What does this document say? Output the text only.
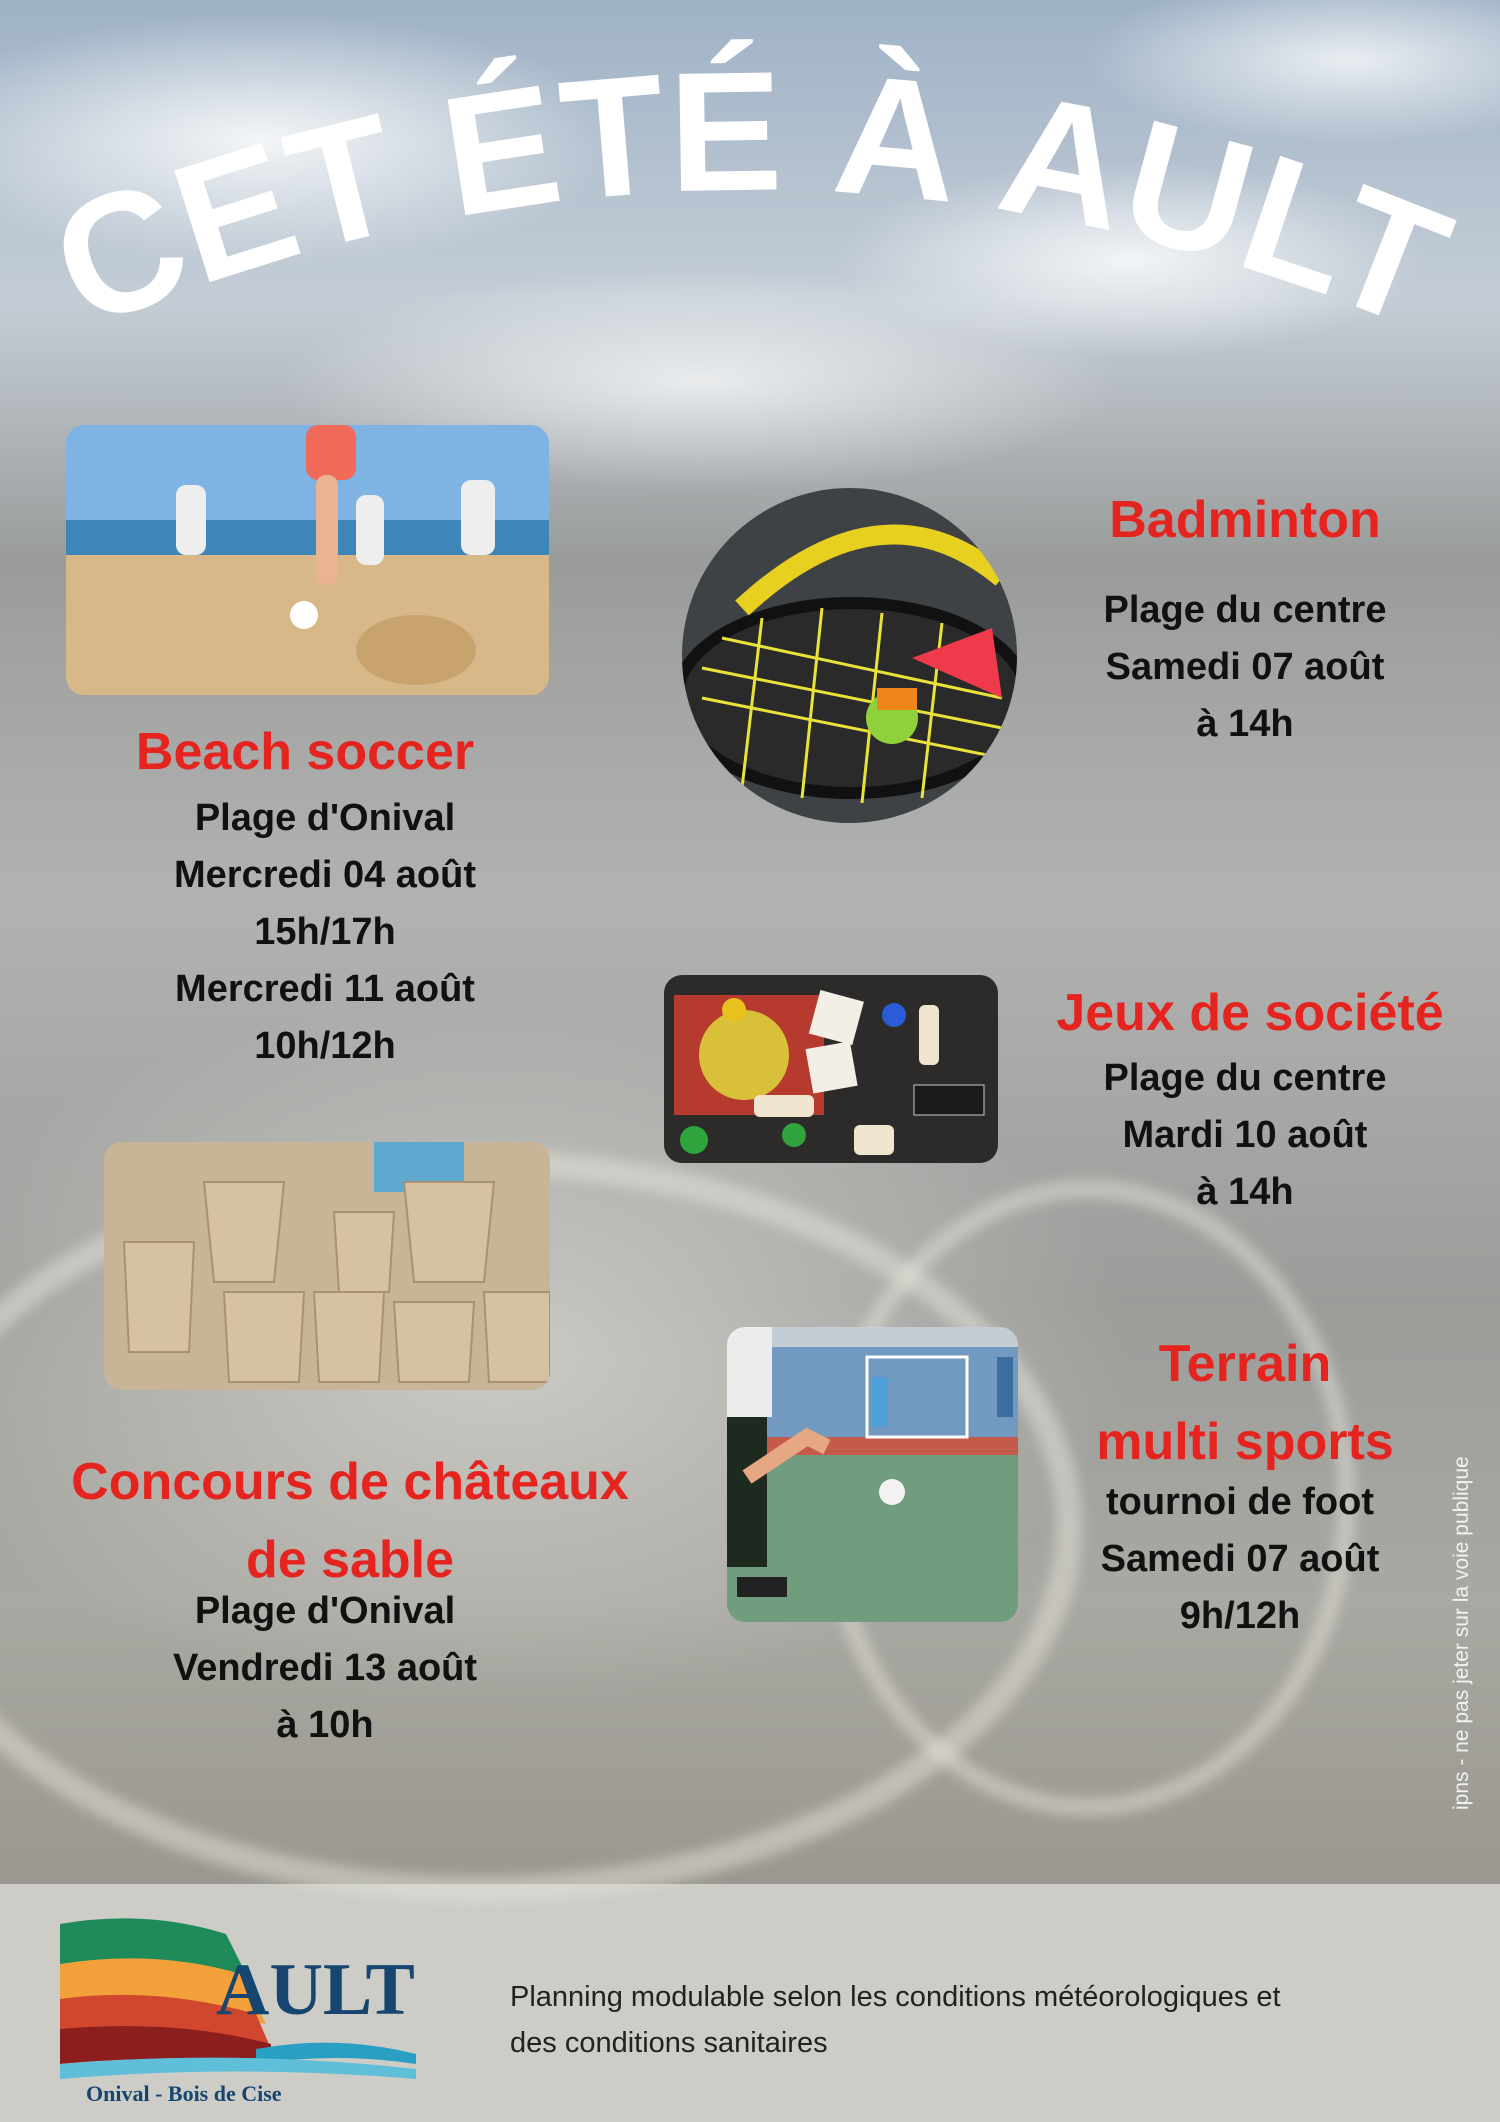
CET ÉTÉ À AULT
Beach soccer
Plage d'Onival
Mercredi 04 août
15h/17h
Mercredi 11 août
10h/12h
Badminton
Plage du centre
Samedi 07 août
à 14h
Jeux de société
Plage du centre
Mardi 10 août
à 14h
Concours de châteaux
de sable
Plage d'Onival
Vendredi 13 août
à 10h
Terrain
multi sports
tournoi de foot
Samedi 07 août
9h/12h	ipns - ne pas jeter sur la voie publique
AULT
Onival - Bois de Cise
Planning modulable selon les conditions météorologiques et
des conditions sanitaires
